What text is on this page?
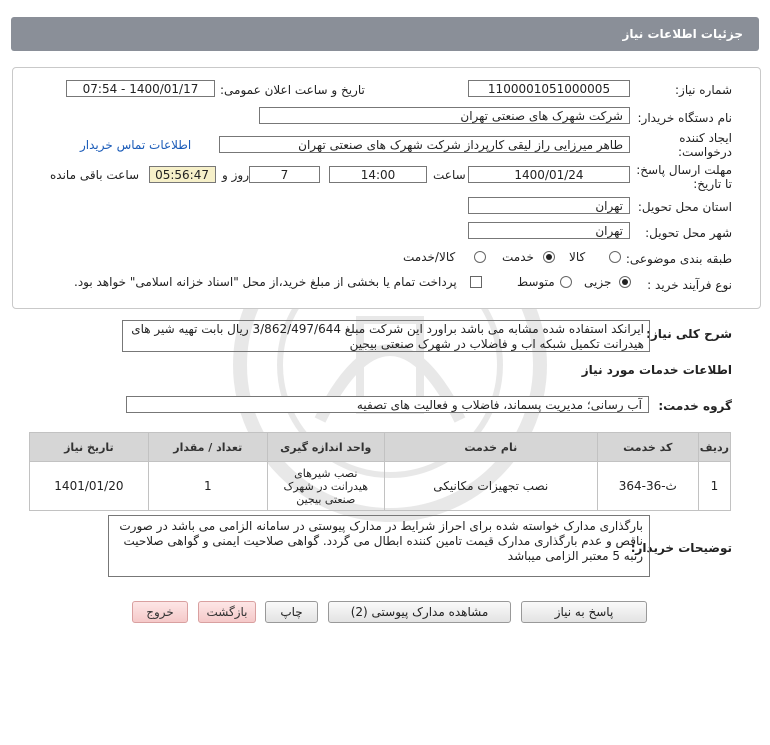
جزئیات اطلاعات نیاز
شماره نیاز:
1100001051000005
تاریخ و ساعت اعلان عمومی:
1400/01/17 - 07:54
نام دستگاه خریدار:
شرکت شهرک های صنعتی تهران
ایجاد کننده درخواست:
طاهر میرزایی راز لیقی کارپرداز شرکت شهرک های صنعتی تهران
اطلاعات تماس خریدار
مهلت ارسال پاسخ: تا تاریخ:
1400/01/24
ساعت
14:00
7
روز و
05:56:47
ساعت باقی مانده
استان محل تحویل:
تهران
شهر محل تحویل:
تهران
طبقه بندی موضوعی:
کالا
خدمت
کالا/خدمت
نوع فرآیند خرید :
جزیی
متوسط
پرداخت تمام یا بخشی از مبلغ خرید،از محل "اسناد خزانه اسلامی" خواهد بود.
شرح کلی نیاز:
ایرانکد استفاده شده مشابه می باشد براورد این شرکت مبلغ 3/862/497/644 ریال بابت تهیه شیر های هیدرانت تکمیل شبکه اب و فاضلاب در شهرک صنعتی بیجین
اطلاعات خدمات مورد نیاز
گروه خدمت:
آب رسانی؛ مدیریت پسماند، فاضلاب و فعالیت های تصفیه
ردیف	کد خدمت	نام خدمت	واحد اندازه گیری	تعداد / مقدار	تاریخ نیاز
1	ث-36-364	نصب تجهیزات مکانیکی	نصب شیرهای هیدرانت در شهرک صنعتی بیجین	1	1401/01/20
توضیحات خریدار:
بارگذاری مدارک خواسته شده برای احراز شرایط در مدارک پیوستی در سامانه الزامی می باشد در صورت ناقص و عدم بارگذاری مدارک قیمت تامین کننده ابطال می گردد. گواهی صلاحیت ایمنی و گواهی صلاحیت رتبه 5 معتبر الزامی میباشد
پاسخ به نیاز
مشاهده مدارک پیوستی (2)
چاپ
بازگشت
خروج
